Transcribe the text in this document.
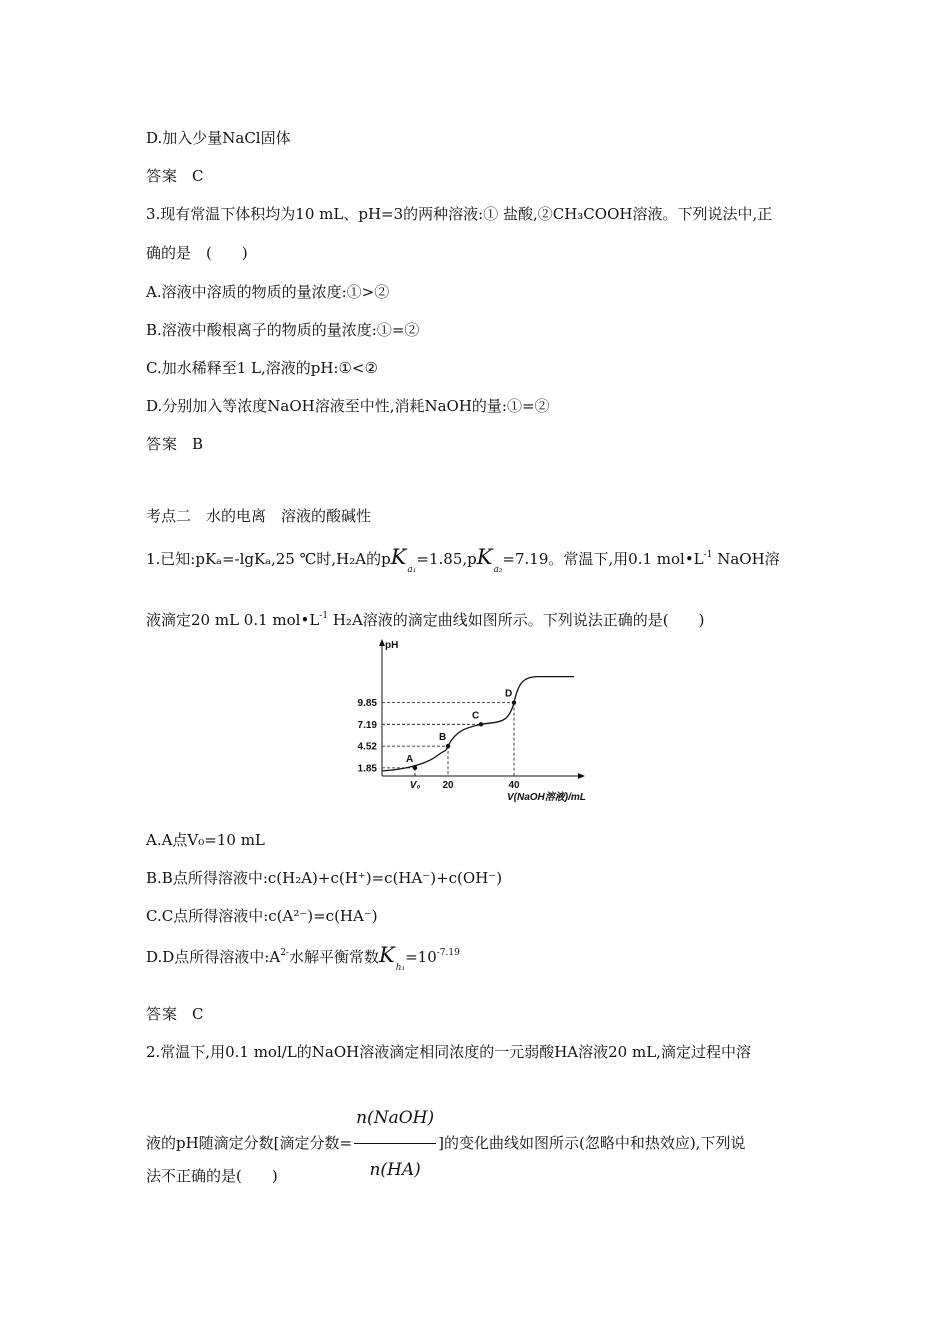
D.加入少量NaCl固体
答案 C
3.现有常温下体积均为10 mL、pH=3的两种溶液:① 盐酸,②CH₃COOH溶液。下列说法中,正
确的是　(　　)
A.溶液中溶质的物质的量浓度:①>②
B.溶液中酸根离子的物质的量浓度:①=②
C.加水稀释至1 L,溶液的pH:①<②
D.分别加入等浓度NaOH溶液至中性,消耗NaOH的量:①=②
答案 B
考点二　水的电离　溶液的酸碱性
1.已知:pKₐ=-lgKₐ,25 ℃时,H₂A的$pK_{a_1}=1.85,pK_{a_2}=7.19$。常温下,用0.1 $mol•L^{-1}$ NaOH溶
液滴定20 mL 0.1 $mol•L^{-1}$ H₂A溶液的滴定曲线如图所示。下列说法正确的是(　　)
pH
V(NaOH溶液)/mL
A
B
C
D
1.85
4.52
7.19
9.85
V₀ 20	40
A.A点V₀=10 mL
B.B点所得溶液中:c(H₂A)+c(H⁺)=c(HA⁻)+c(OH⁻)
C.C点所得溶液中:c(A²⁻)=c(HA⁻)
D.D点所得溶液中$:A^{2-}$水解平衡常数$K_{h_1}=10^{-7.19}$
答案 C
2.常温下,用0.1 mol/L的NaOH溶液滴定相同浓度的一元弱酸HA溶液20 mL,滴定过程中溶
液的pH随滴定分数[滴定分数= $\frac{\text{n(NaOH)}}{n(HA)}$ ]的变化曲线如图所示(忽略中和热效应),下列说
法不正确的是(　　)
